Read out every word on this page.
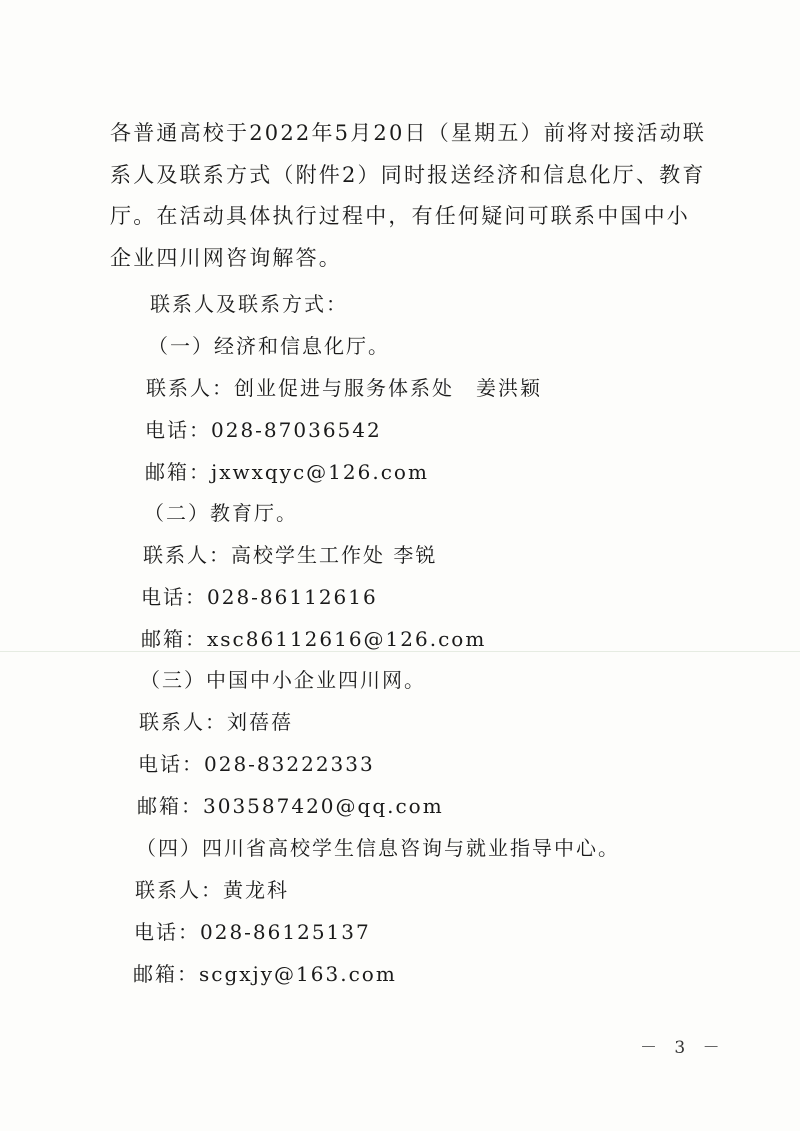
各普通高校于2022年5月20日（星期五）前将对接活动联系人及联系方式（附件2）同时报送经济和信息化厅、教育厅。在活动具体执行过程中，有任何疑问可联系中国中小企业四川网咨询解答。

联系人及联系方式：
（一）经济和信息化厅。
联系人：创业促进与服务体系处　姜洪颖
电话：028-87036542
邮箱：jxwxqyc@126.com
（二）教育厅。
联系人：高校学生工作处 李锐
电话：028-86112616
邮箱：xsc86112616@126.com
（三）中国中小企业四川网。
联系人：刘蓓蓓
电话：028-83222333
邮箱：303587420@qq.com
（四）四川省高校学生信息咨询与就业指导中心。
联系人：黄龙科
电话：028-86125137
邮箱：scgxjy@163.com
－ 3 －
